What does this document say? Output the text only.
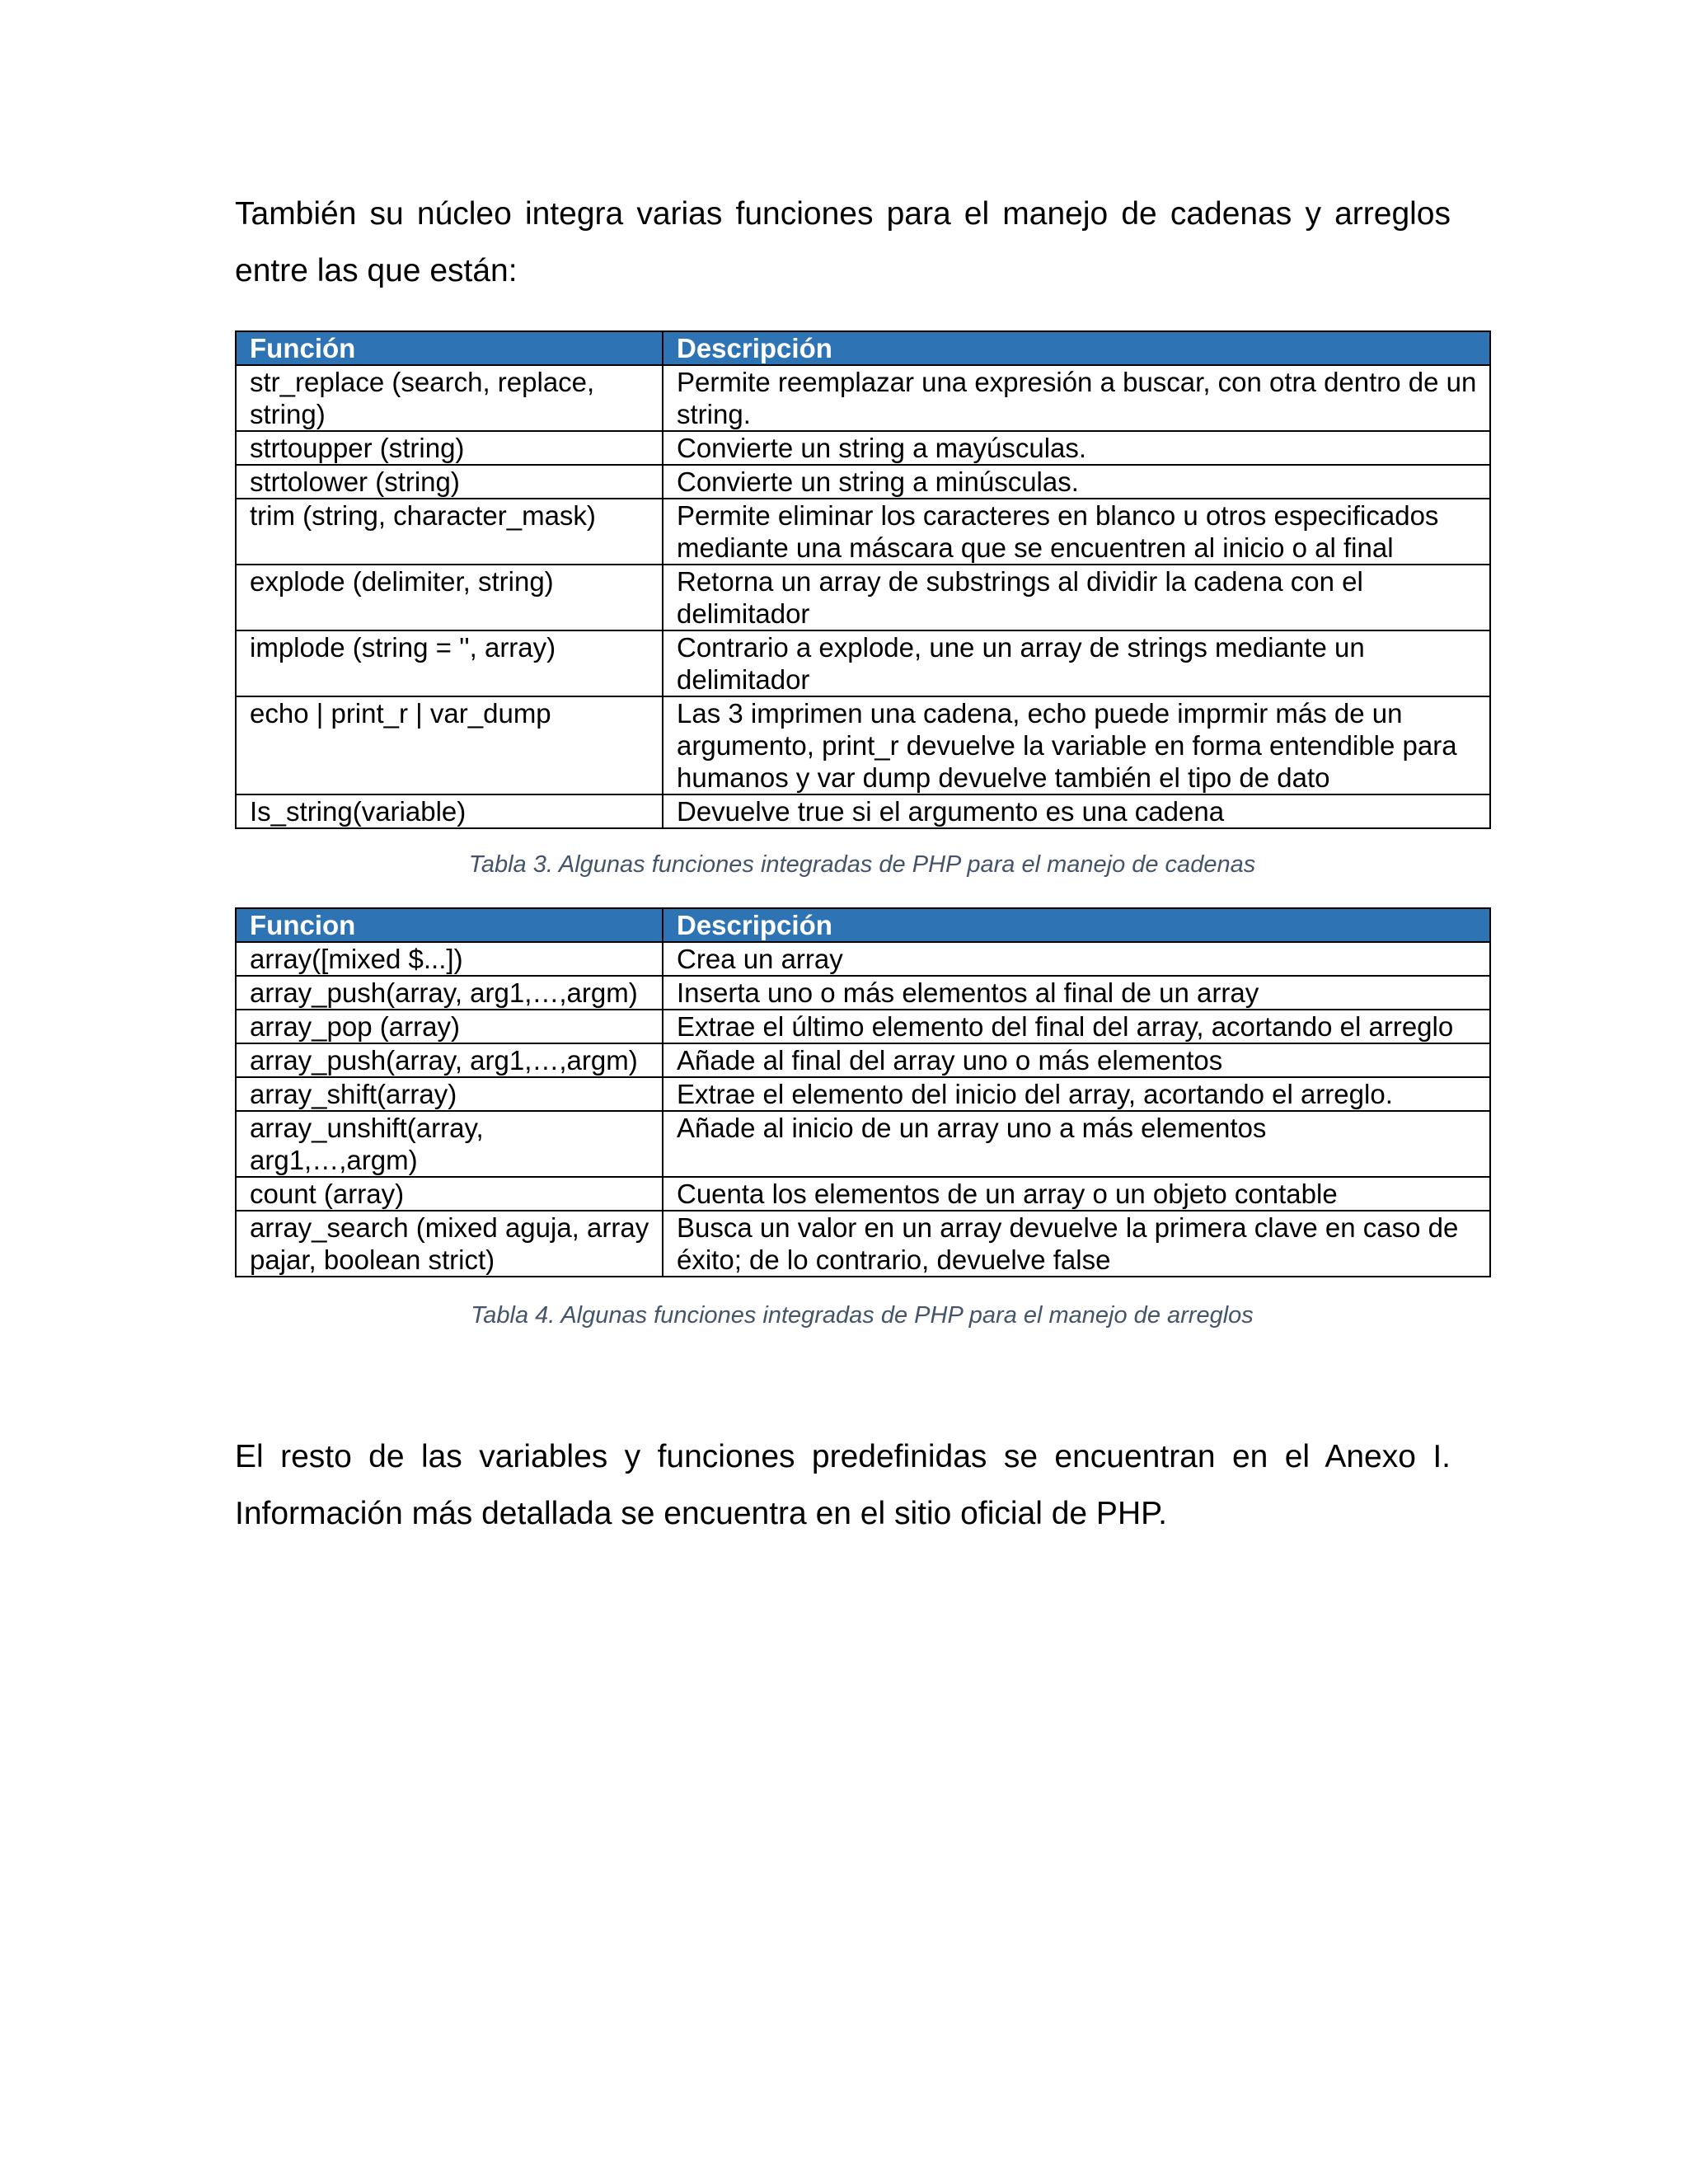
También su núcleo integra varias funciones para el manejo de cadenas y arreglos entre las que están:

Función	Descripción
str_replace (search, replace, string)	Permite reemplazar una expresión a buscar, con otra dentro de un string.
strtoupper (string)	Convierte un string a mayúsculas.
strtolower (string)	Convierte un string a minúsculas.
trim (string, character_mask)	Permite eliminar los caracteres en blanco u otros especificados mediante una máscara que se encuentren al inicio o al final
explode (delimiter, string)	Retorna un array de substrings al dividir la cadena con el delimitador
implode (string = '', array)	Contrario a explode, une un array de strings mediante un delimitador
echo | print_r | var_dump	Las 3 imprimen una cadena, echo puede imprmir más de un argumento, print_r devuelve la variable en forma entendible para humanos y var dump devuelve también el tipo de dato
Is_string(variable)	Devuelve true si el argumento es una cadena

Tabla 3. Algunas funciones integradas de PHP para el manejo de cadenas

Funcion	Descripción
array([mixed $...])	Crea un array
array_push(array, arg1,…,argm)	Inserta uno o más elementos al final de un array
array_pop (array)	Extrae el último elemento del final del array, acortando el arreglo
array_push(array, arg1,…,argm)	Añade al final del array uno o más elementos
array_shift(array)	Extrae el elemento del inicio del array, acortando el arreglo.
array_unshift(array, arg1,…,argm)	Añade al inicio de un array uno a más elementos
count (array)	Cuenta los elementos de un array o un objeto contable
array_search (mixed aguja, array pajar, boolean strict)	Busca un valor en un array devuelve la primera clave en caso de éxito; de lo contrario, devuelve false

Tabla 4. Algunas funciones integradas de PHP para el manejo de arreglos

El resto de las variables y funciones predefinidas se encuentran en el Anexo I. Información más detallada se encuentra en el sitio oficial de PHP.
